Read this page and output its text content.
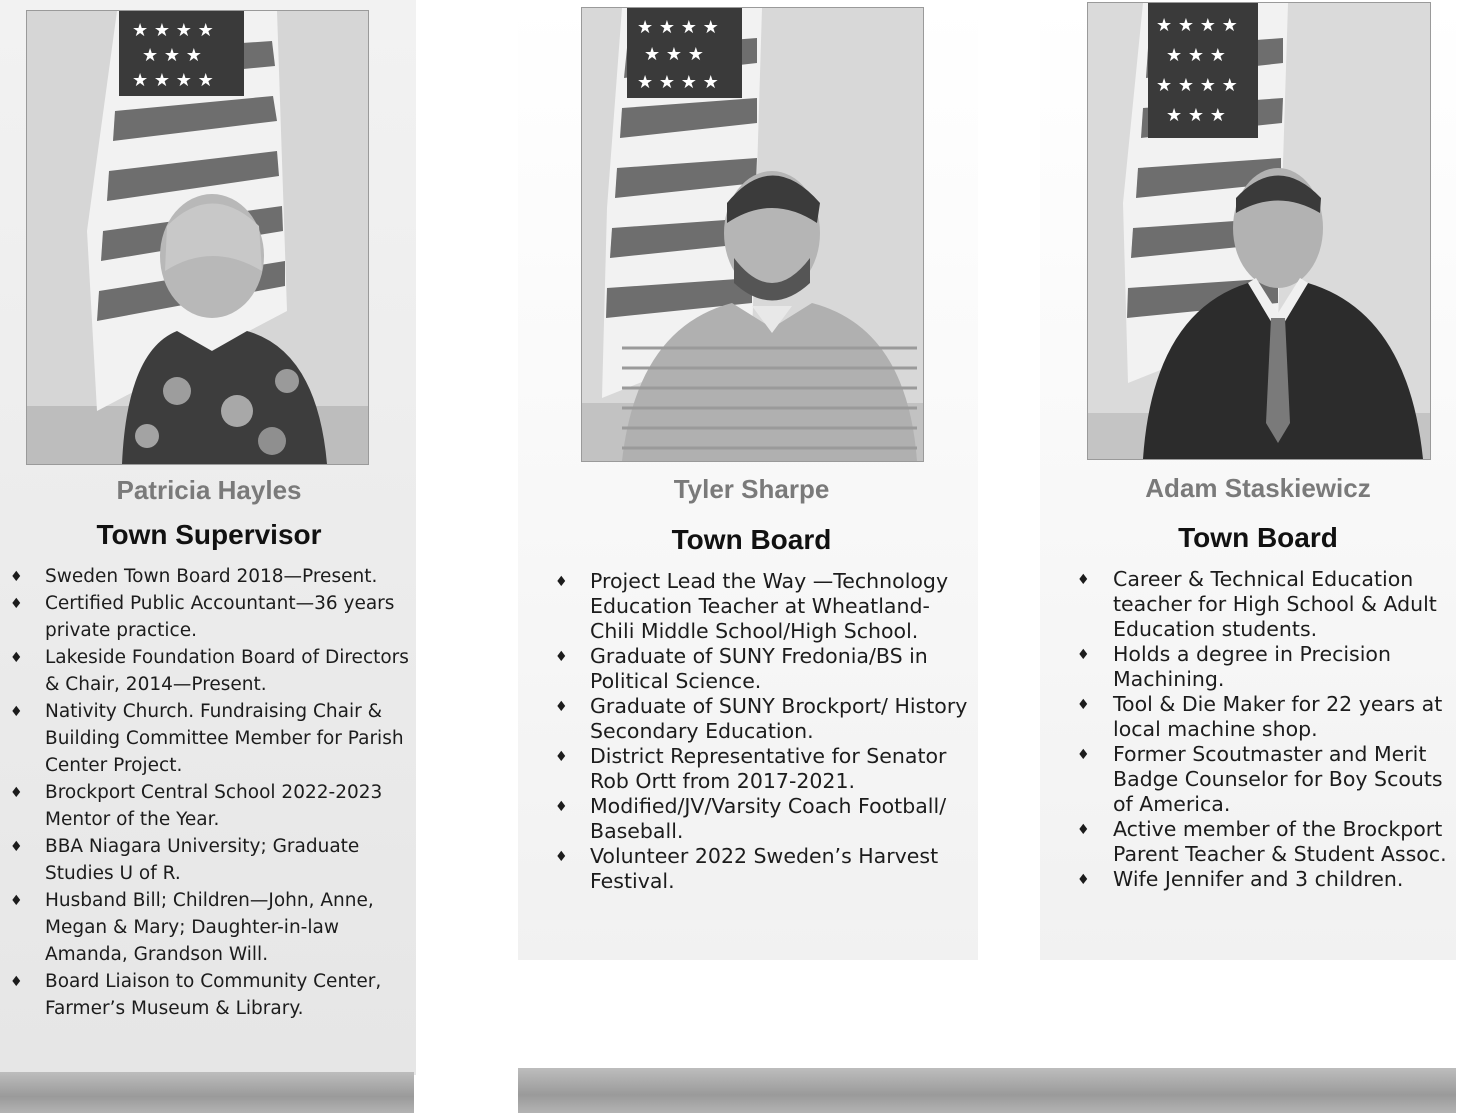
★ ★ ★ ★
★ ★ ★
★ ★ ★ ★
★ ★ ★ ★
★ ★ ★
★ ★ ★ ★
★ ★ ★ ★
★ ★ ★
★ ★ ★ ★
★ ★ ★
Patricia Hayles
Town Supervisor
Tyler Sharpe
Town Board
Adam Staskiewicz
Town Board
♦ Sweden Town Board 2018—Present.
♦ Certified Public Accountant—36 years private practice.
♦ Lakeside Foundation Board of Directors & Chair, 2014—Present.
♦ Nativity Church. Fundraising Chair & Building Committee Member for Parish Center Project.
♦ Brockport Central School 2022-2023 Mentor of the Year.
♦ BBA Niagara University; Graduate Studies U of R.
♦ Husband Bill; Children—John, Anne, Megan & Mary; Daughter-in-law Amanda, Grandson Will.
♦ Board Liaison to Community Center, Farmer’s Museum & Library.
♦ Project Lead the Way —Technology Education Teacher at Wheatland-Chili Middle School/High School.
♦ Graduate of SUNY Fredonia/BS in Political Science.
♦ Graduate of SUNY Brockport/ History Secondary Education.
♦ District Representative for Senator Rob Ortt from 2017-2021.
♦ Modified/JV/Varsity Coach Football/ Baseball.
♦ Volunteer 2022 Sweden’s Harvest Festival.
♦ Career & Technical Education teacher for High School & Adult Education students.
♦ Holds a degree in Precision Machining.
♦ Tool & Die Maker for 22 years at local machine shop.
♦ Former Scoutmaster and Merit Badge Counselor for Boy Scouts of America.
♦ Active member of the Brockport Parent Teacher & Student Assoc.
♦ Wife Jennifer and 3 children.
